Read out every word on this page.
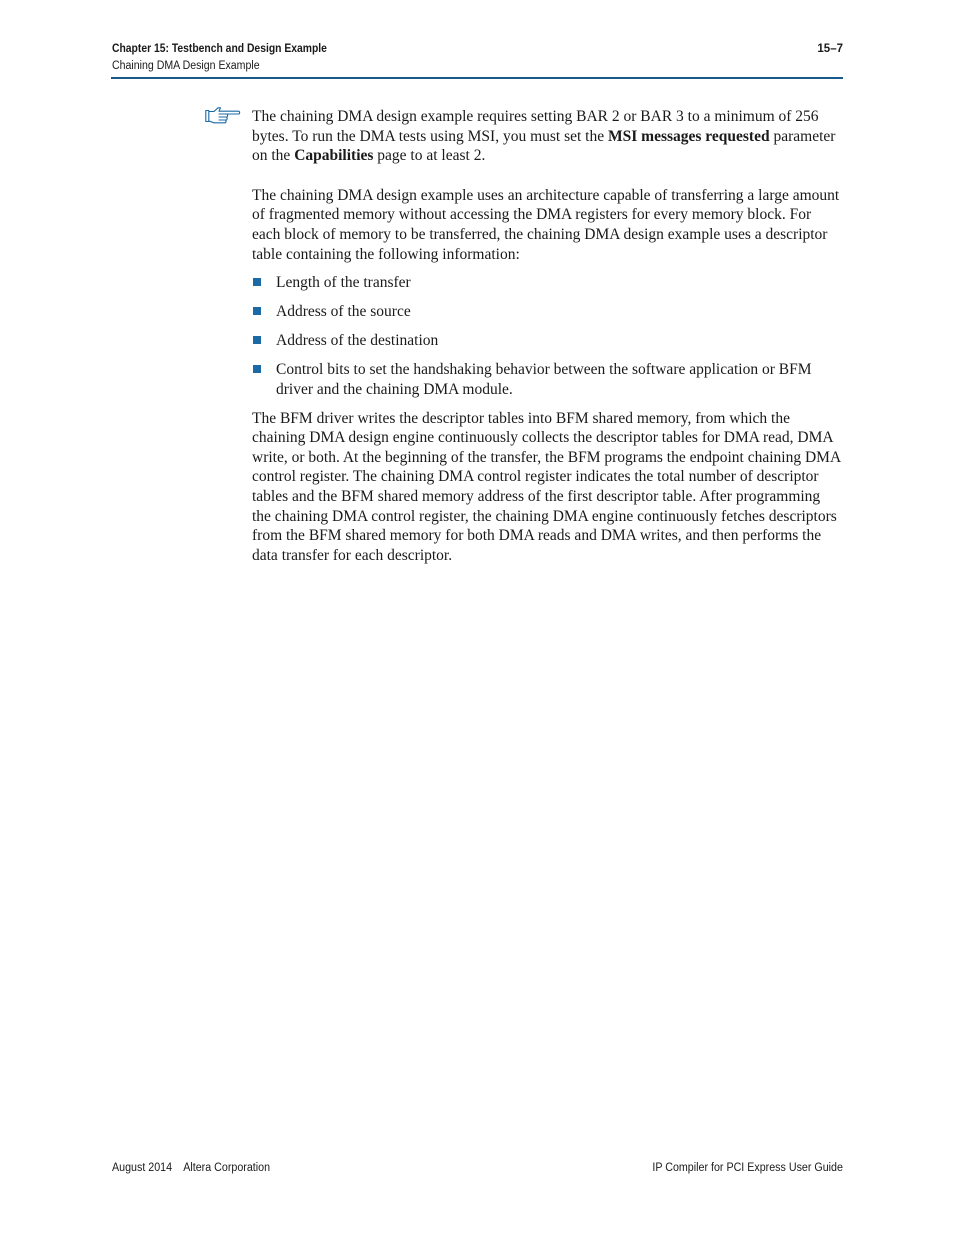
Chapter 15: Testbench and Design Example	15–7
Chaining DMA Design Example

The chaining DMA design example requires setting BAR 2 or BAR 3 to a minimum of 256 bytes. To run the DMA tests using MSI, you must set the MSI messages requested parameter on the Capabilities page to at least 2.

The chaining DMA design example uses an architecture capable of transferring a large amount of fragmented memory without accessing the DMA registers for every memory block. For each block of memory to be transferred, the chaining DMA design example uses a descriptor table containing the following information:

Length of the transfer
Address of the source
Address of the destination
Control bits to set the handshaking behavior between the software application or BFM driver and the chaining DMA module.

The BFM driver writes the descriptor tables into BFM shared memory, from which the chaining DMA design engine continuously collects the descriptor tables for DMA read, DMA write, or both. At the beginning of the transfer, the BFM programs the endpoint chaining DMA control register. The chaining DMA control register indicates the total number of descriptor tables and the BFM shared memory address of the first descriptor table. After programming the chaining DMA control register, the chaining DMA engine continuously fetches descriptors from the BFM shared memory for both DMA reads and DMA writes, and then performs the data transfer for each descriptor.

August 2014 Altera Corporation	IP Compiler for PCI Express User Guide
